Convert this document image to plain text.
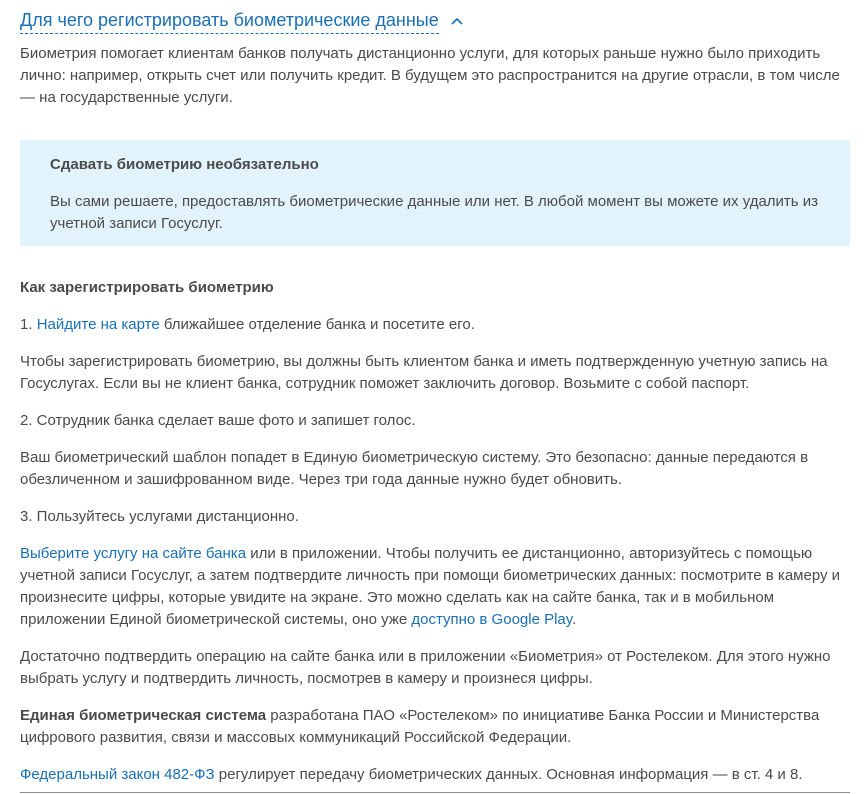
Для чего регистрировать биометрические данные

Биометрия помогает клиентам банков получать дистанционно услуги, для которых раньше нужно было приходить лично: например, открыть счет или получить кредит. В будущем это распространится на другие отрасли, в том числе — на государственные услуги.

Сдавать биометрию необязательно

Вы сами решаете, предоставлять биометрические данные или нет. В любой момент вы можете их удалить из учетной записи Госуслуг.

Как зарегистрировать биометрию

1. Найдите на карте ближайшее отделение банка и посетите его.

Чтобы зарегистрировать биометрию, вы должны быть клиентом банка и иметь подтвержденную учетную запись на Госуслугах. Если вы не клиент банка, сотрудник поможет заключить договор. Возьмите с собой паспорт.

2. Сотрудник банка сделает ваше фото и запишет голос.

Ваш биометрический шаблон попадет в Единую биометрическую систему. Это безопасно: данные передаются в обезличенном и зашифрованном виде. Через три года данные нужно будет обновить.

3. Пользуйтесь услугами дистанционно.

Выберите услугу на сайте банка или в приложении. Чтобы получить ее дистанционно, авторизуйтесь с помощью учетной записи Госуслуг, а затем подтвердите личность при помощи биометрических данных: посмотрите в камеру и произнесите цифры, которые увидите на экране. Это можно сделать как на сайте банка, так и в мобильном приложении Единой биометрической системы, оно уже доступно в Google Play.

Достаточно подтвердить операцию на сайте банка или в приложении «Биометрия» от Ростелеком. Для этого нужно выбрать услугу и подтвердить личность, посмотрев в камеру и произнеся цифры.

Единая биометрическая система разработана ПАО «Ростелеком» по инициативе Банка России и Министерства цифрового развития, связи и массовых коммуникаций Российской Федерации.

Федеральный закон 482-ФЗ регулирует передачу биометрических данных. Основная информация — в ст. 4 и 8.
